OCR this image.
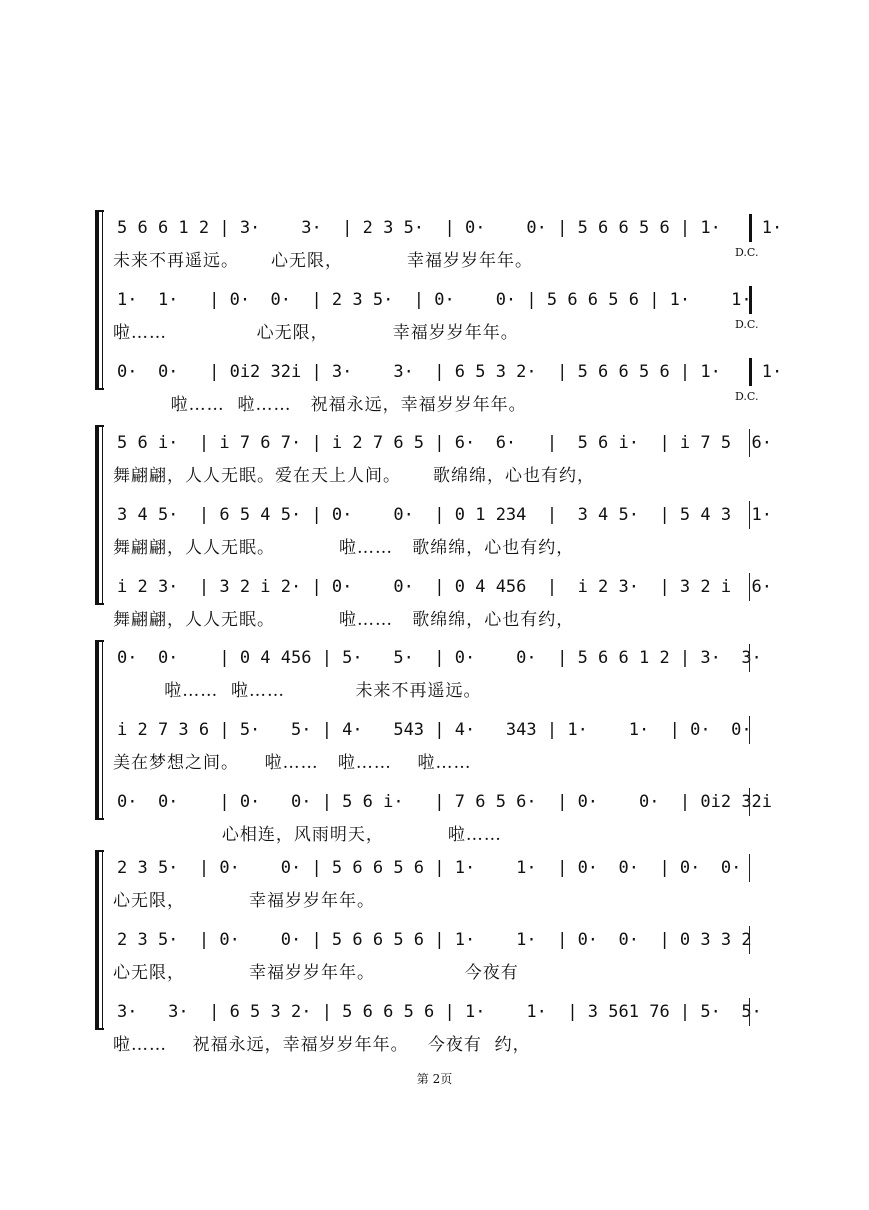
5 6 6 1 2 | 3·    3·  | 2 3 5·  | 0·    0· | 5 6 6 5 6 | 1·    1·
未来不再遥远。     心无限，          幸福岁岁年年。	D.C.
1·  1·   | 0·  0·  | 2 3 5·  | 0·    0· | 5 6 6 5 6 | 1·    1·
啦……              心无限，          幸福岁岁年年。	D.C.
0·  0·   | 0i2 3̇2i | 3·    3·  | 6 5 3 2·  | 5 6 6 5 6 | 1·    1·
啦……  啦……   祝福永远，幸福岁岁年年。	D.C.
5 6 i·  | i 7 6 7· | i 2 7 6 5 | 6·  6·   |  5 6 i·  | i 7 5  6·
舞翩翩，人人无眠。爱在天上人间。     歌绵绵，心也有约，
3 4 5·  | 6 5 4 5· | 0·    0·  | 0 1 234  |  3 4 5·  | 5 4 3  1·
舞翩翩，人人无眠。          啦……   歌绵绵，心也有约，
i 2 3·  | 3 2 i 2· | 0·    0·  | 0 4 456  |  i 2 3·  | 3 2 i  6·
舞翩翩，人人无眠。          啦……   歌绵绵，心也有约，
0·  0·    | 0 4 456 | 5·   5·  | 0·    0·  | 5 6 6 1 2 | 3·  3·
啦……  啦……           未来不再遥远。
i 2 7 3 6 | 5·   5· | 4·   543 | 4·   343 | 1·    1·  | 0·  0·
美在梦想之间。    啦……   啦……    啦……
0·  0·    | 0·   0· | 5 6 i·   | 7 6 5 6·  | 0·    0·  | 0i2 3̇2i
心相连，风雨明天，          啦……
2 3 5·  | 0·    0· | 5 6 6 5 6 | 1·    1·  | 0·  0·  | 0·  0·
心无限，          幸福岁岁年年。
2 3 5·  | 0·    0· | 5 6 6 5 6 | 1·    1·  | 0·  0·  | 0 3 3 2
心无限，          幸福岁岁年年。              今夜有
3·   3·  | 6 5 3 2· | 5 6 6 5 6 | 1·    1·  | 3 561 76 | 5·  5·
啦……    祝福永远，幸福岁岁年年。   今夜有  约，
第 2页
